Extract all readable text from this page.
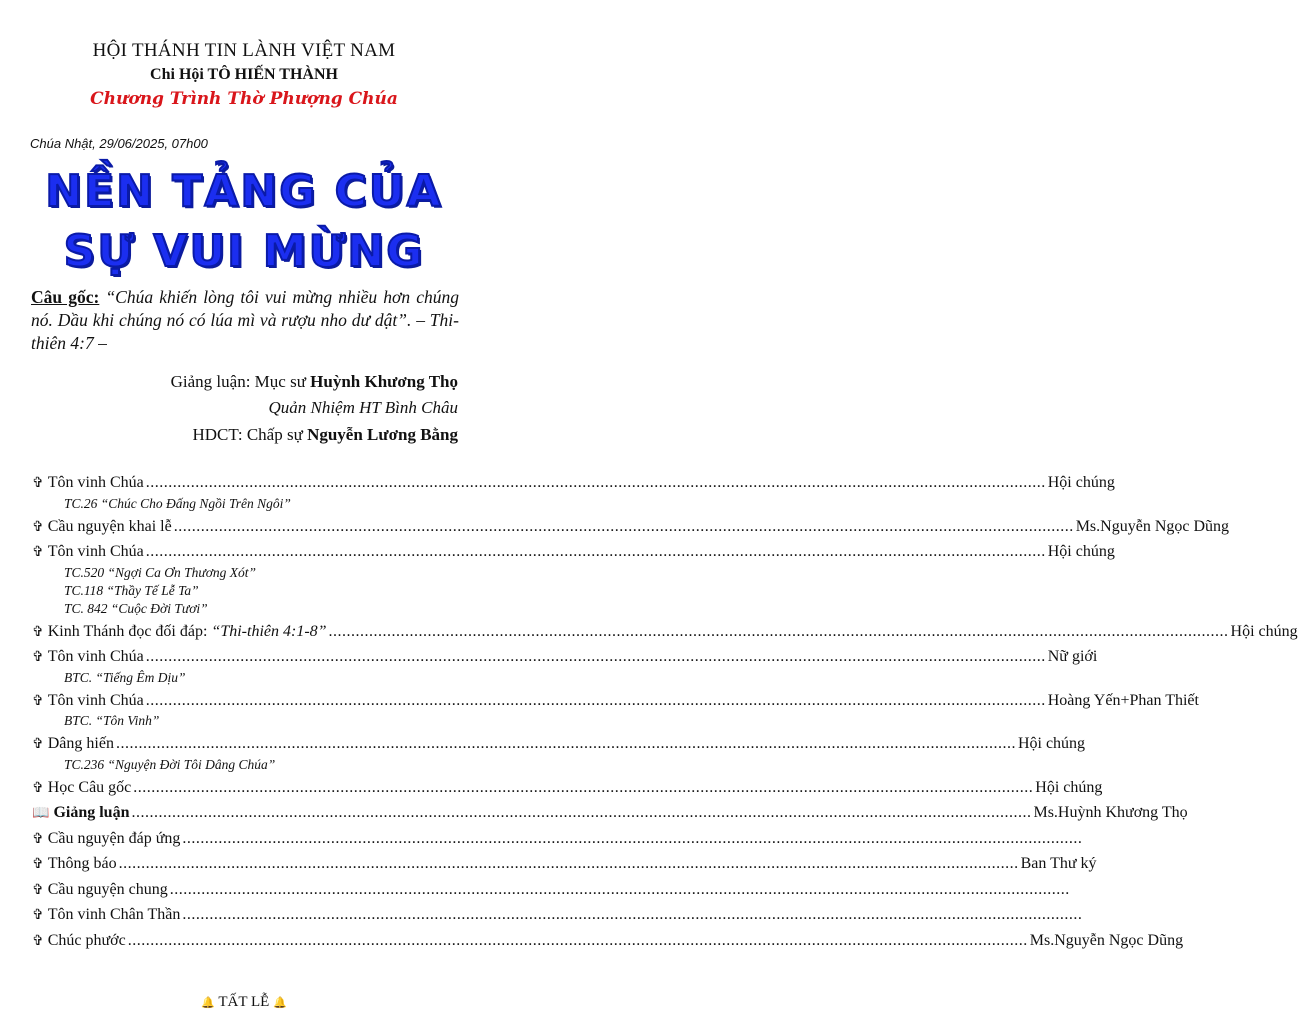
HỘI THÁNH TIN LÀNH VIỆT NAM
Chi Hội TÔ HIẾN THÀNH
Chương Trình Thờ Phượng Chúa
Chúa Nhật, 29/06/2025, 07h00
NỀN TẢNG CỦA
SỰ VUI MỪNG
Câu gốc: “Chúa khiến lòng tôi vui mừng nhiều hơn chúng nó. Dầu khi chúng nó có lúa mì và rượu nho dư dật”. – Thi-thiên 4:7 –
Giảng luận: Mục sư Huỳnh Khương Thọ
Quản Nhiệm HT Bình Châu
HDCT: Chấp sự Nguyễn Lương Bằng
✞ Tôn vinh Chúa ........................................................................................................................................................................................................ Hội chúng
TC.26 “Chúc Cho Đấng Ngồi Trên Ngôi”
✞ Cầu nguyện khai lễ ........................................................................................................................................................................................................ Ms.Nguyễn Ngọc Dũng
✞ Tôn vinh Chúa ........................................................................................................................................................................................................ Hội chúng
TC.520 “Ngợi Ca Ơn Thương Xót”
TC.118 “Thầy Tế Lễ Ta”
TC. 842 “Cuộc Đời Tươi”
✞ Kinh Thánh đọc đối đáp: “Thi-thiên 4:1-8” ........................................................................................................................................................................................................ Hội chúng
✞ Tôn vinh Chúa ........................................................................................................................................................................................................ Nữ giới
BTC. “Tiếng Êm Dịu”
✞ Tôn vinh Chúa ........................................................................................................................................................................................................ Hoàng Yến+Phan Thiết
BTC. “Tôn Vinh”
✞ Dâng hiến ........................................................................................................................................................................................................ Hội chúng
TC.236 “Nguyện Đời Tôi Dâng Chúa”
✞ Học Câu gốc ........................................................................................................................................................................................................ Hội chúng
📖 Giảng luận ........................................................................................................................................................................................................ Ms.Huỳnh Khương Thọ
✞ Cầu nguyện đáp ứng ........................................................................................................................................................................................................
✞ Thông báo ........................................................................................................................................................................................................ Ban Thư ký
✞ Cầu nguyện chung ........................................................................................................................................................................................................
✞ Tôn vinh Chân Thần ........................................................................................................................................................................................................
✞ Chúc phước ........................................................................................................................................................................................................ Ms.Nguyễn Ngọc Dũng
🔔 TẤT LỄ 🔔
